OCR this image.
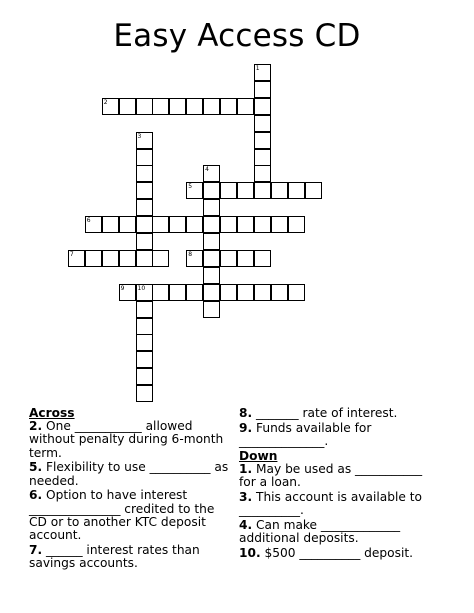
Easy Access CD
1
2
3
4
5
6
7	8
9 10
Across
2. One ___________ allowed without penalty during 6-month term.
5. Flexibility to use __________ as needed.
6. Option to have interest _______________ credited to the CD or to another KTC deposit account.
7. ______ interest rates than savings accounts.
8. _______ rate of interest.
9. Funds available for ______________.
Down
1. May be used as ___________ for a loan.
3. This account is available to __________.
4. Can make _____________ additional deposits.
10. $500 __________ deposit.
